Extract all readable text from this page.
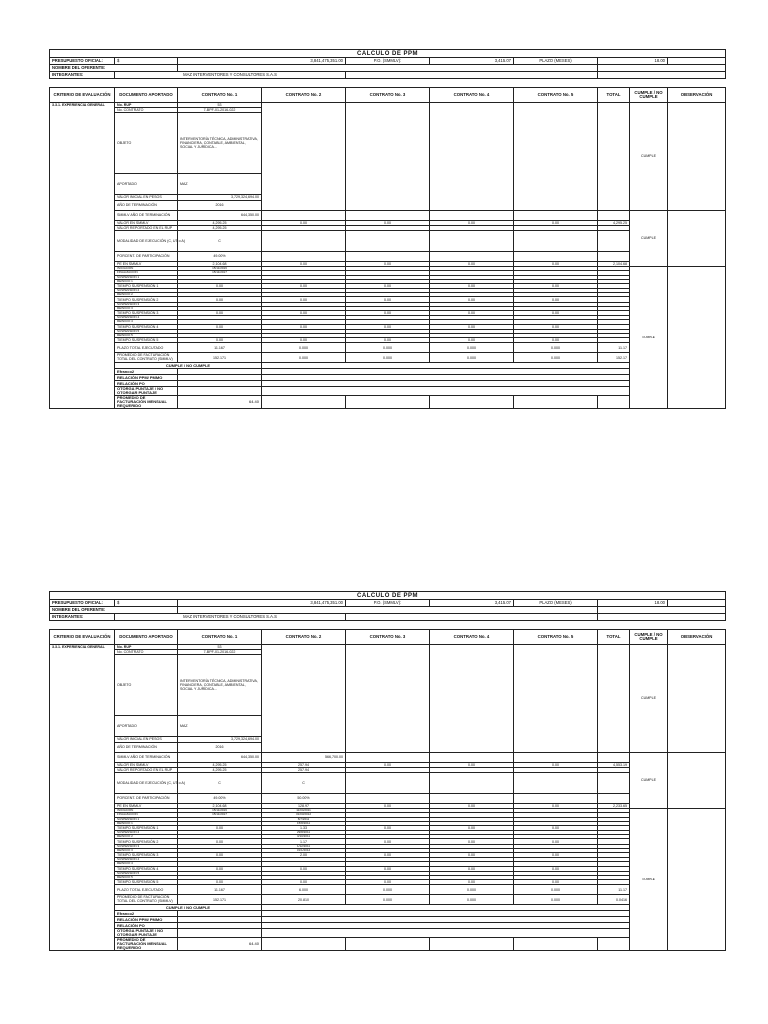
CALCULO DE PPM										
PRESUPUESTO OFICIAL:	$	3,841,475,351.00		P.O. (SMMLV):	3,415.07	PLAZO (MESES)	18.00			
NOMBRE DEL OFERENTE:										
INTEGRANTES:	MAZ INTERVENTORES Y CONSULTORES S.A.S									

CRITERIO DE EVALUACIÓN	DOCUMENTO APORTADO	CONTRATO No. 1	CONTRATO No. 2	CONTRATO No. 3	CONTRATO No. 4	CONTRATO No. 5	TOTAL	CUMPLE / NO CUMPLE	OBSERVACIÓN	
3.3.1. EXPERIENCIA GENERAL	No. RUP	53						CUMPLE		
	No. CONTRATO	7-BPF-01-2016-022								
	OBJETO	INTERVENTORÍA TÉCNICA, ADMINISTRATIVA, FINANCIERA, CONTABLE, AMBIENTAL, SOCIAL Y JURÍDICA...								
	APORTADO	MAZ								
	VALOR INICIAL EN PESOS	3,729,324,694.00								
	AÑO DE TERMINACIÓN	2016								
	SMMLV AÑO DE TERMINACIÓN	644,350.00						CUMPLE		
	VALOR EN SMMLV	4,295.25	0.00	0.00	0.00	0.00	4,295.25			
	VALOR REPORTADO EN EL RUP	4,295.25								
	MODALIDAD DE EJECUCIÓN (C, UT o A)	C								
	PORCENT. DE PARTICIPACIÓN	49.00%								
	PE EN SMMLV	2,104.68	0.00	0.00	0.00	0.00	2,104.68			
	INICIACIÓN	15/11/2016						CUMPLE		
	FINALIZACIÓN	15/11/2017								
	SUSPENSIÓN 1									
	REINICIO 1									
	TIEMPO SUSPENSIÓN 1	0.00	0.00	0.00	0.00	0.00				
	SUSPENSIÓN 2									
	REINICIO 2									
	TIEMPO SUSPENSIÓN 2	0.00	0.00	0.00	0.00	0.00				
	SUSPENSIÓN 3									
	REINICIO 3									
	TIEMPO SUSPENSIÓN 3	0.00	0.00	0.00	0.00	0.00				
	SUSPENSIÓN 4									
	REINICIO 4									
	TIEMPO SUSPENSIÓN 4	0.00	0.00	0.00	0.00	0.00				
	SUSPENSIÓN 5									
	REINICIO 5									
	TIEMPO SUSPENSIÓN 5	0.00	0.00	0.00	0.00	0.00				
	PLAZO TOTAL EJECUTADO	11.167	0.000	0.000	0.000	0.000	11.17			
	PROMEDIO DE FACTURACIÓN TOTAL DEL CONTRATO (SMMLV)	152.171	0.000	0.000	0.000	0.000	152.17			
	CUMPLE / NO CUMPLE			
	Efranco2					
	RELACIÓN PPM/ PMMO					
	RELACIÓN PO					
	OTORGA PUNTAJE / NO OTORGAR PUNTAJE					
	PROMEDIO DE FACTURACIÓN MENSUAL REQUERIDO	64.40								
CALCULO DE PPM										
PRESUPUESTO OFICIAL:	$	3,841,475,351.00		P.O. (SMMLV):	3,415.07	PLAZO (MESES)	18.00			
NOMBRE DEL OFERENTE:										
INTEGRANTES:	MAZ INTERVENTORES Y CONSULTORES S.A.S									

CRITERIO DE EVALUACIÓN	DOCUMENTO APORTADO	CONTRATO No. 1	CONTRATO No. 2	CONTRATO No. 3	CONTRATO No. 4	CONTRATO No. 5	TOTAL	CUMPLE / NO CUMPLE	OBSERVACIÓN	
3.3.1. EXPERIENCIA GENERAL	No. RUP	53						CUMPLE		
	No. CONTRATO	7-BPF-01-2016-022								
	OBJETO	INTERVENTORÍA TÉCNICA, ADMINISTRATIVA, FINANCIERA, CONTABLE, AMBIENTAL, SOCIAL Y JURÍDICA...								
	APORTADO	MAZ								
	VALOR INICIAL EN PESOS	3,729,324,694.00								
	AÑO DE TERMINACIÓN	2016								
	SMMLV AÑO DE TERMINACIÓN	644,350.00	566,700.00					CUMPLE		
	VALOR EN SMMLV	4,295.25	257.94	0.00	0.00	0.00	4,553.19			
	VALOR REPORTADO EN EL RUP	4,295.25	257.94							
	MODALIDAD DE EJECUCIÓN (C, UT o A)	C	C							
	PORCENT. DE PARTICIPACIÓN	49.00%	50.00%							
	PE EN SMMLV	2,104.68	128.97	0.00	0.00	0.00	2,233.65			
	INICIACIÓN	15/11/2016	11/04/2011					CUMPLE		
	FINALIZACIÓN	15/11/2017	31/03/2012							
	SUSPENSIÓN 1		6/7/2011							
	REINICIO 1		15/8/2011							
	TIEMPO SUSPENSIÓN 1	0.00	1.33	0.00	0.00	0.00				
	SUSPENSIÓN 2		29/8/2011							
	REINICIO 2		3/10/2011							
	TIEMPO SUSPENSIÓN 2	0.00	1.17	0.00	0.00	0.00				
	SUSPENSIÓN 3		1/12/2011							
	REINICIO 3		31/1/2012							
	TIEMPO SUSPENSIÓN 3	0.00	2.00	0.00	0.00	0.00				
	SUSPENSIÓN 4									
	REINICIO 4									
	TIEMPO SUSPENSIÓN 4	0.00	0.00	0.00	0.00	0.00				
	SUSPENSIÓN 5									
	REINICIO 5									
	TIEMPO SUSPENSIÓN 5	0.00	0.00	0.00	0.00	0.00				
	PLAZO TOTAL EJECUTADO	11.167	6.000	0.000	0.000	0.000	11.17			
	PROMEDIO DE FACTURACIÓN TOTAL DEL CONTRATO (SMMLV)	152.171	20.810	0.000	0.000	0.000	0.0416			
	CUMPLE / NO CUMPLE			
	Efranco2					
	RELACIÓN PPM/ PMMO					
	RELACIÓN PO					
	OTORGA PUNTAJE / NO OTORGAR PUNTAJE					
	PROMEDIO DE FACTURACIÓN MENSUAL REQUERIDO	64.40								
